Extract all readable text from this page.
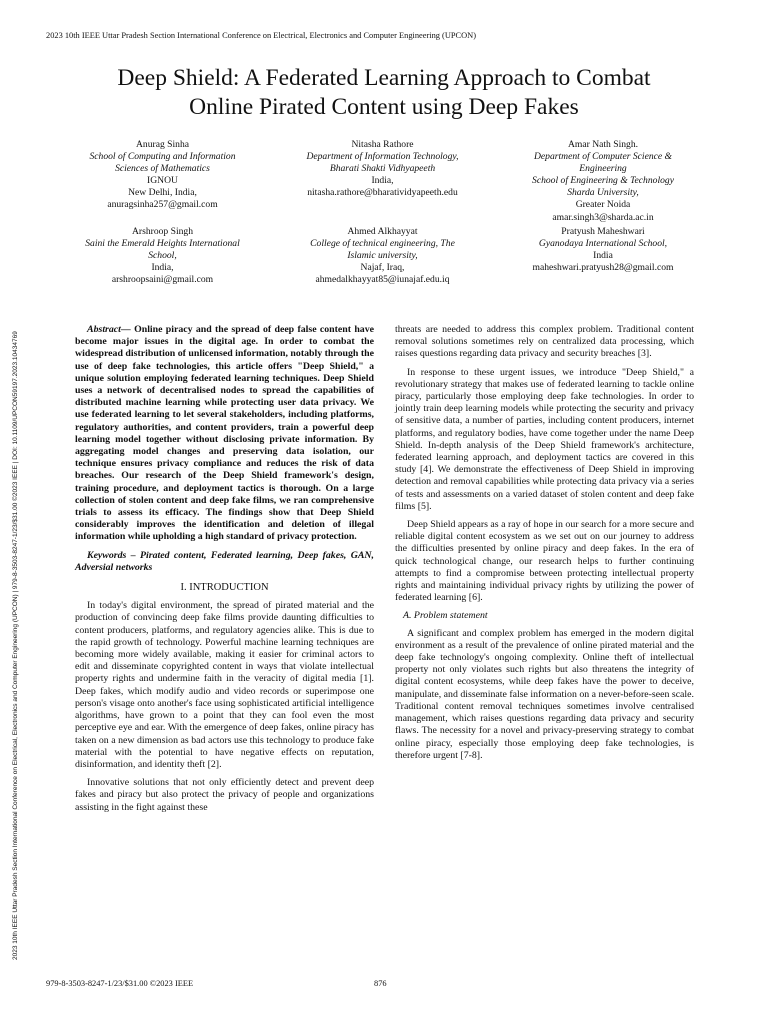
2023 10th IEEE Uttar Pradesh Section International Conference on Electrical, Electronics and Computer Engineering (UPCON)
2023 10th IEEE Uttar Pradesh Section International Conference on Electrical, Electronics and Computer Engineering (UPCON) | 979-8-3503-8247-1/23/$31.00 ©2023 IEEE | DOI: 10.1109/UPCON59197.2023.10434769
Deep Shield: A Federated Learning Approach to Combat
Online Pirated Content using Deep Fakes
Anurag Sinha
School of Computing and Information
Sciences of Mathematics
IGNOU
New Delhi, India,
anuragsinha257@gmail.com
Nitasha Rathore
Department of Information Technology,
Bharati Shakti Vidhyapeeth
India,
nitasha.rathore@bharatividyapeeth.edu
Amar Nath Singh.
Department of Computer Science &
Engineering
School of Engineering & Technology
Sharda University,
Greater Noida
amar.singh3@sharda.ac.in
Arshroop Singh
Saini the Emerald Heights International
School,
India,
arshroopsaini@gmail.com
Ahmed Alkhayyat
College of technical engineering, The
Islamic university,
Najaf, Iraq,
ahmedalkhayyat85@iunajaf.edu.iq
Pratyush Maheshwari
Gyanodaya International School,
India
maheshwari.pratyush28@gmail.com

Abstract— Online piracy and the spread of deep false content have become major issues in the digital age. In order to combat the widespread distribution of unlicensed information, notably through the use of deep fake technologies, this article offers "Deep Shield," a unique solution employing federated learning techniques. Deep Shield uses a network of decentralised nodes to spread the capabilities of distributed machine learning while protecting user data privacy. We use federated learning to let several stakeholders, including platforms, regulatory authorities, and content providers, train a powerful deep learning model together without disclosing private information. By aggregating model changes and preserving data isolation, our technique ensures privacy compliance and reduces the risk of data breaches. Our research of the Deep Shield framework's design, training procedure, and deployment tactics is thorough. On a large collection of stolen content and deep fake films, we ran comprehensive trials to assess its efficacy. The findings show that Deep Shield considerably improves the identification and deletion of illegal information while upholding a high standard of privacy protection.

Keywords – Pirated content, Federated learning, Deep fakes, GAN, Adversial networks

I. INTRODUCTION

In today's digital environment, the spread of pirated material and the production of convincing deep fake films provide daunting difficulties to content producers, platforms, and regulatory agencies alike. This is due to the rapid growth of technology. Powerful machine learning techniques are becoming more widely available, making it easier for criminal actors to edit and disseminate copyrighted content in ways that violate intellectual property rights and undermine faith in the veracity of digital media [1]. Deep fakes, which modify audio and video records or superimpose one person's visage onto another's face using sophisticated artificial intelligence algorithms, have grown to a point that they can fool even the most perceptive eye and ear. With the emergence of deep fakes, online piracy has taken on a new dimension as bad actors use this technology to produce fake material with the potential to have negative effects on reputation, disinformation, and identity theft [2].

Innovative solutions that not only efficiently detect and prevent deep fakes and piracy but also protect the privacy of people and organizations assisting in the fight against these

threats are needed to address this complex problem. Traditional content removal solutions sometimes rely on centralized data processing, which raises questions regarding data privacy and security breaches [3].

In response to these urgent issues, we introduce "Deep Shield," a revolutionary strategy that makes use of federated learning to tackle online piracy, particularly those employing deep fake technologies. In order to jointly train deep learning models while protecting the security and privacy of sensitive data, a number of parties, including content producers, internet platforms, and regulatory bodies, have come together under the name Deep Shield. In-depth analysis of the Deep Shield framework's architecture, federated learning approach, and deployment tactics are covered in this study [4]. We demonstrate the effectiveness of Deep Shield in improving detection and removal capabilities while protecting data privacy via a series of tests and assessments on a varied dataset of stolen content and deep fake films [5].

Deep Shield appears as a ray of hope in our search for a more secure and reliable digital content ecosystem as we set out on our journey to address the difficulties presented by online piracy and deep fakes. In the era of quick technological change, our research helps to further continuing attempts to find a compromise between protecting intellectual property rights and maintaining individual privacy rights by utilizing the power of federated learning [6].

A. Problem statement

A significant and complex problem has emerged in the modern digital environment as a result of the prevalence of online pirated material and the deep fake technology's ongoing complexity. Online theft of intellectual property not only violates such rights but also threatens the integrity of digital content ecosystems, while deep fakes have the power to deceive, manipulate, and disseminate false information on a never-before-seen scale. Traditional content removal techniques sometimes involve centralised management, which raises questions regarding data privacy and security flaws. The necessity for a novel and privacy-preserving strategy to combat online piracy, especially those employing deep fake technologies, is therefore urgent [7-8].

979-8-3503-8247-1/23/$31.00 ©2023 IEEE	876
